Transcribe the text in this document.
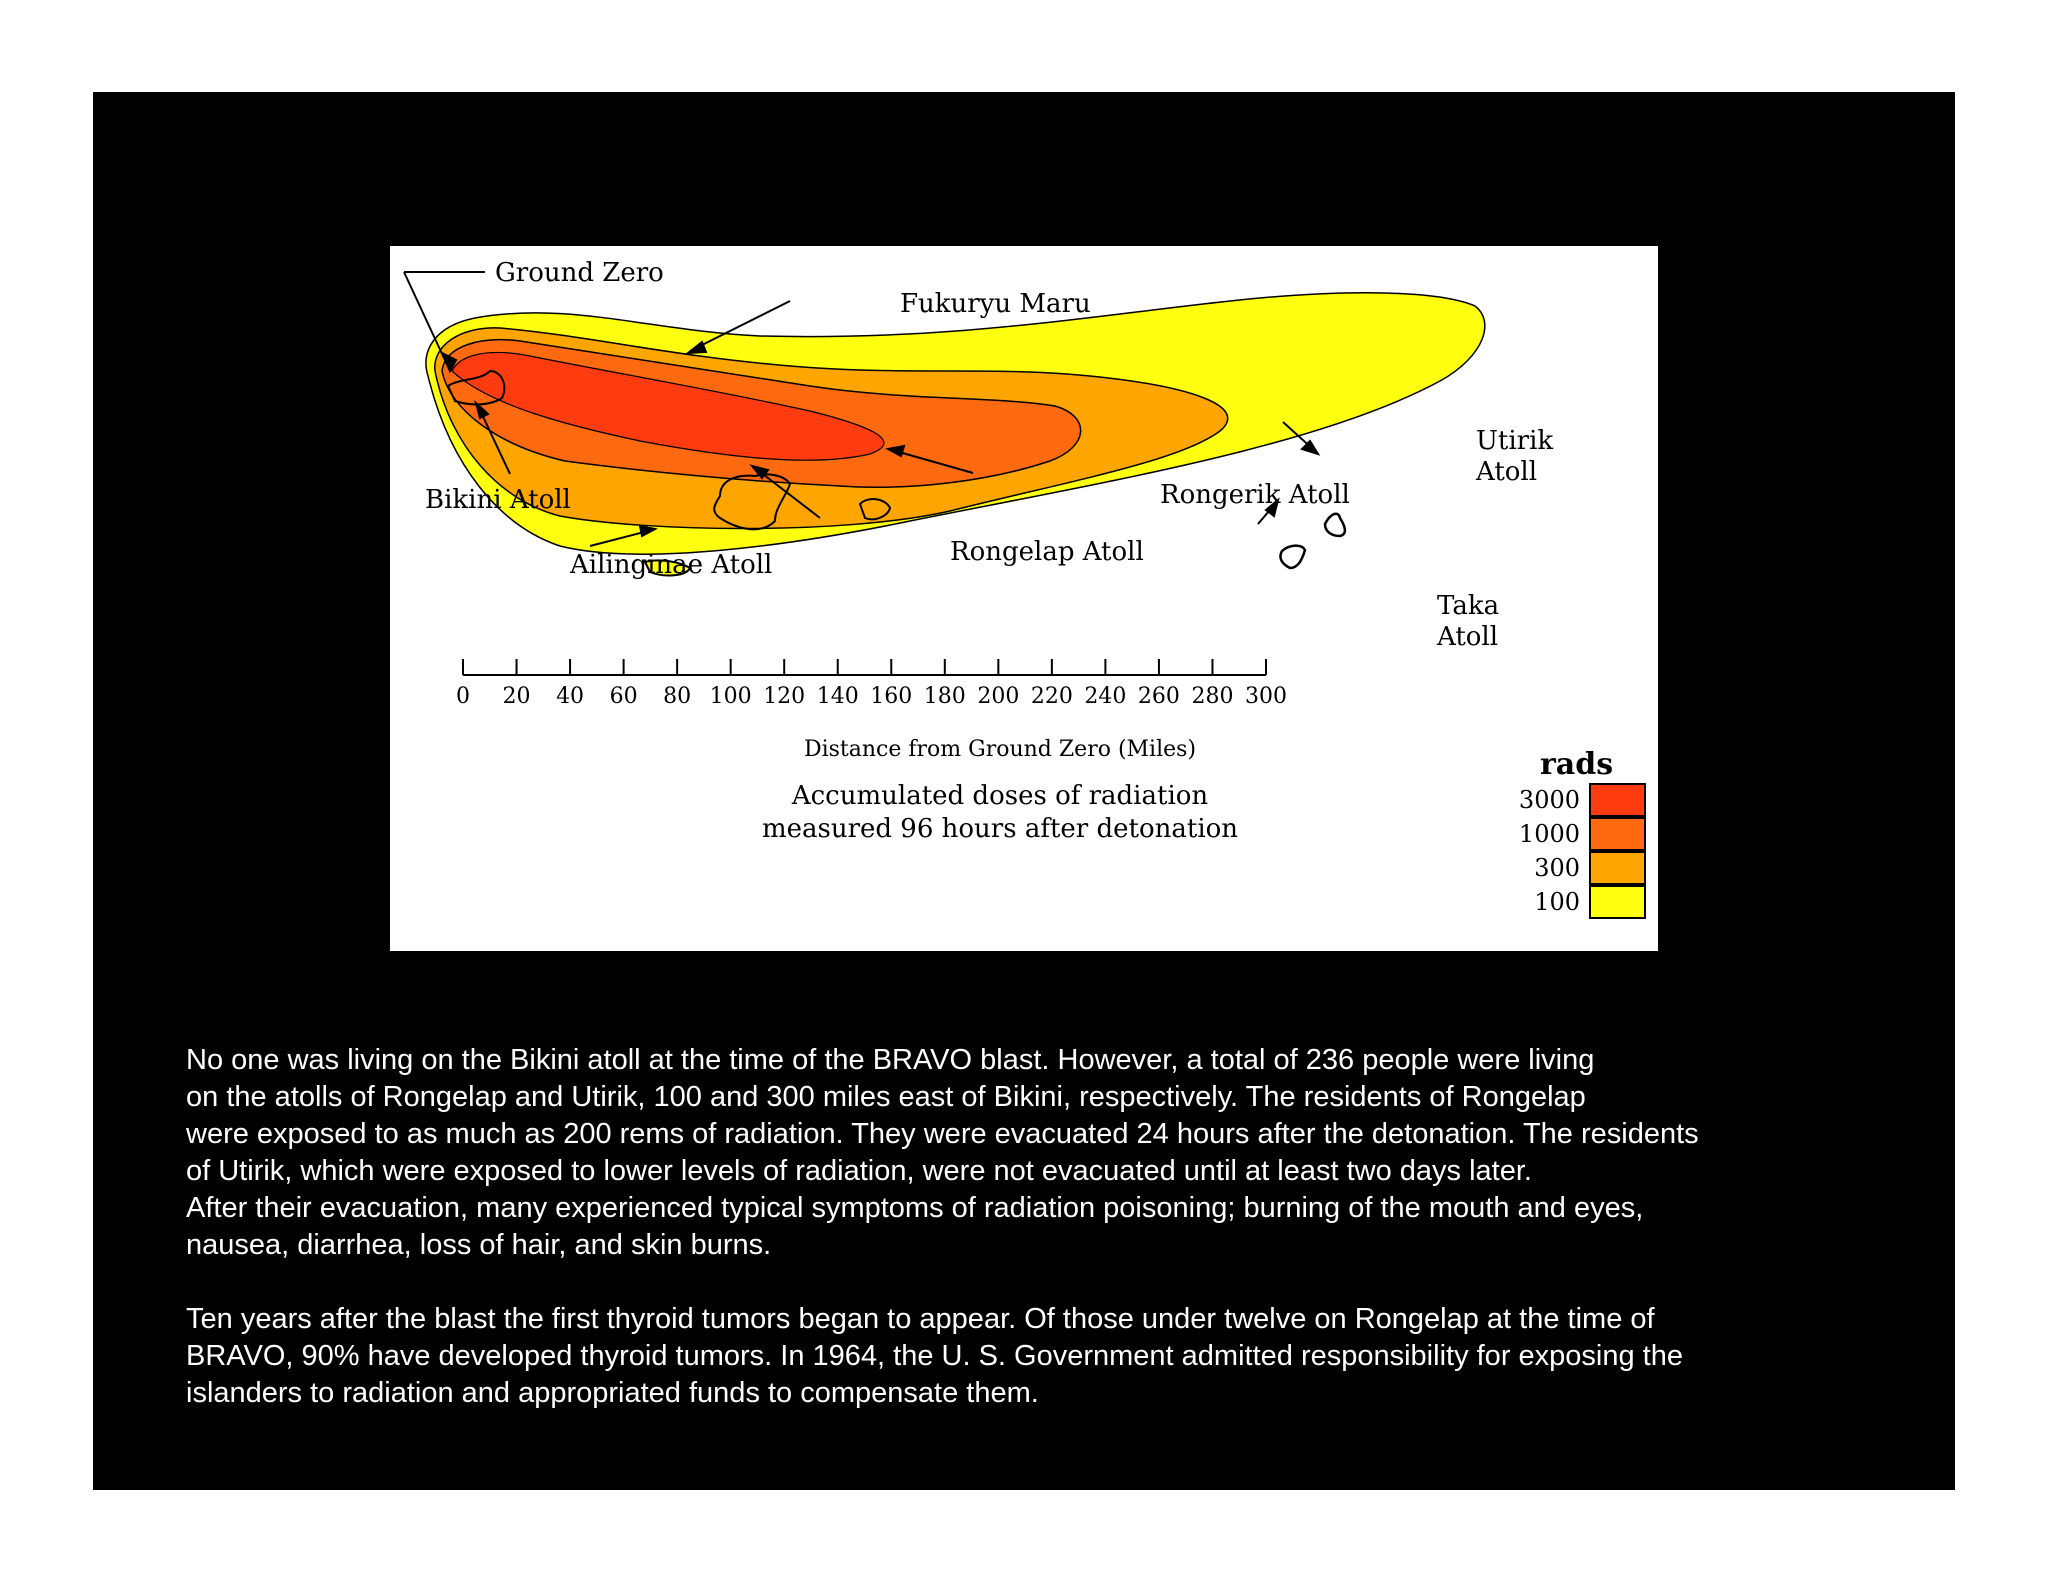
Ground Zero
Fukuryu Maru
Bikini Atoll
Ailinginae Atoll	Rongelap Atoll
Rongerik Atoll
Utirik
Atoll
Taka
Atoll
0 20 40 60 80 100 120 140 160 180 200 220 240 260 280 300
Distance from Ground Zero (Miles)
Accumulated doses of radiation
measured 96 hours after detonation
rads
3000
1000
300
100

No one was living on the Bikini atoll at the time of the BRAVO blast. However, a total of 236 people were living
on the atolls of Rongelap and Utirik, 100 and 300 miles east of Bikini, respectively. The residents of Rongelap
were exposed to as much as 200 rems of radiation. They were evacuated 24 hours after the detonation. The residents
of Utirik, which were exposed to lower levels of radiation, were not evacuated until at least two days later.
After their evacuation, many experienced typical symptoms of radiation poisoning; burning of the mouth and eyes,
nausea, diarrhea, loss of hair, and skin burns.

Ten years after the blast the first thyroid tumors began to appear. Of those under twelve on Rongelap at the time of
BRAVO, 90% have developed thyroid tumors. In 1964, the U. S. Government admitted responsibility for exposing the
islanders to radiation and appropriated funds to compensate them.
